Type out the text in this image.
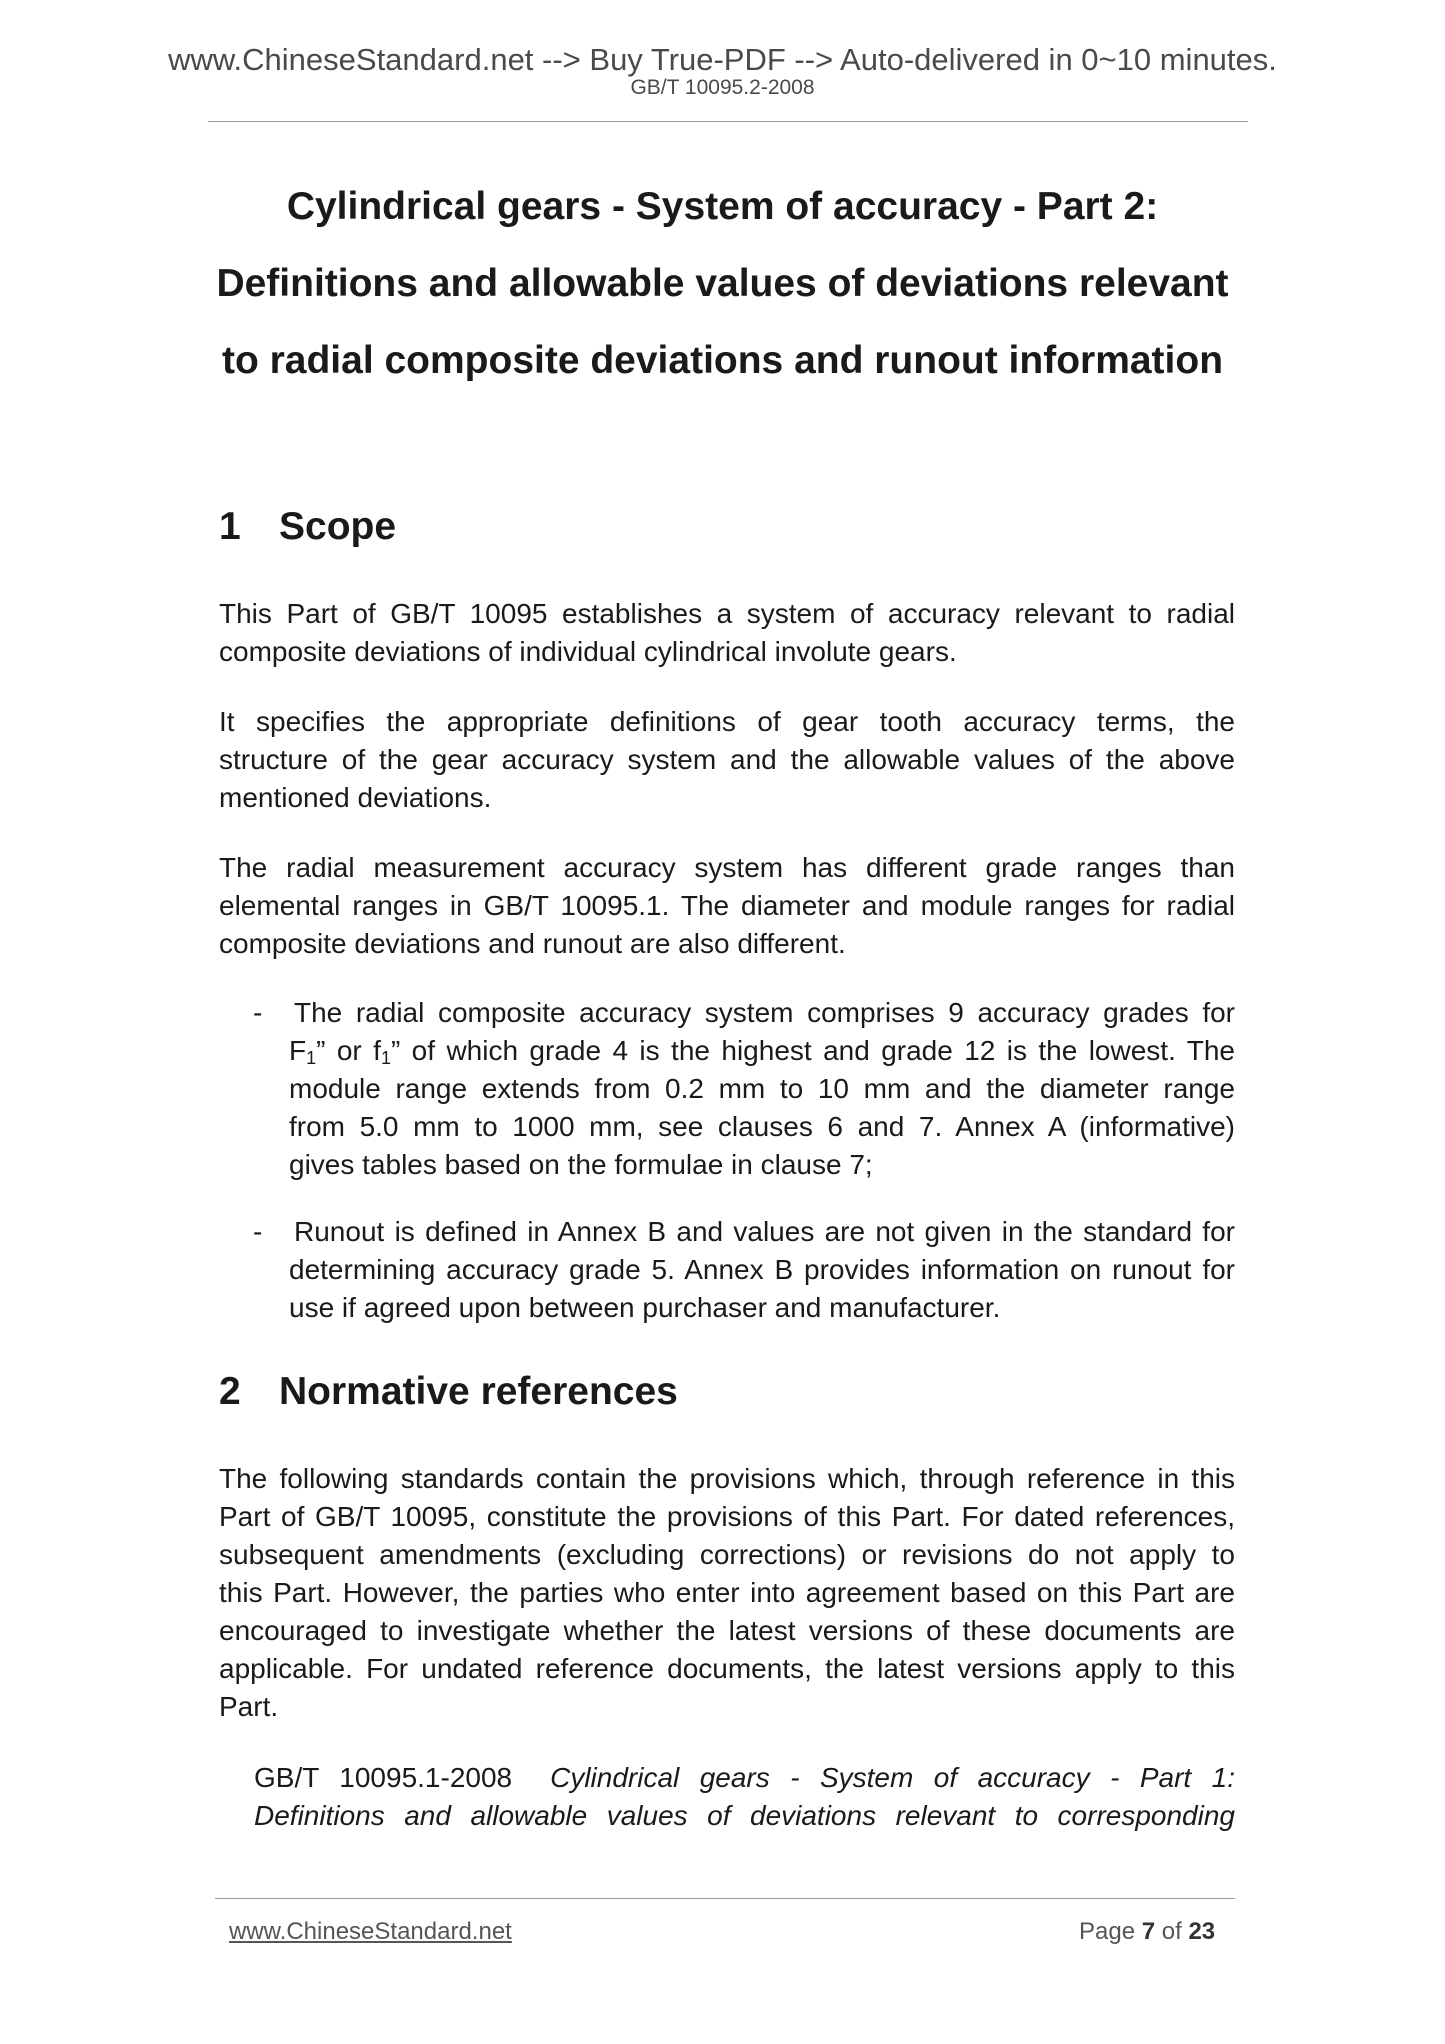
www.ChineseStandard.net --> Buy True-PDF --> Auto-delivered in 0~10 minutes.
GB/T 10095.2-2008
Cylindrical gears - System of accuracy - Part 2:
Definitions and allowable values of deviations relevant
to radial composite deviations and runout information
1 Scope
This Part of GB/T 10095 establishes a system of accuracy relevant to radial
composite deviations of individual cylindrical involute gears.
It specifies the appropriate definitions of gear tooth accuracy terms, the
structure of the gear accuracy system and the allowable values of the above
mentioned deviations.
The radial measurement accuracy system has different grade ranges than
elemental ranges in GB/T 10095.1. The diameter and module ranges for radial
composite deviations and runout are also different.
-	The radial composite accuracy system comprises 9 accuracy grades for
$F_1$” or $f_1$” of which grade 4 is the highest and grade 12 is the lowest. The
module range extends from 0.2 mm to 10 mm and the diameter range
from 5.0 mm to 1000 mm, see clauses 6 and 7. Annex A (informative)
gives tables based on the formulae in clause 7;
-	Runout is defined in Annex B and values are not given in the standard for
determining accuracy grade 5. Annex B provides information on runout for
use if agreed upon between purchaser and manufacturer.
2 Normative references
The following standards contain the provisions which, through reference in this
Part of GB/T 10095, constitute the provisions of this Part. For dated references,
subsequent amendments (excluding corrections) or revisions do not apply to
this Part. However, the parties who enter into agreement based on this Part are
encouraged to investigate whether the latest versions of these documents are
applicable. For undated reference documents, the latest versions apply to this
Part.
GB/T 10095.1-2008 Cylindrical gears - System of accuracy - Part 1:
Definitions and allowable values of deviations relevant to corresponding
www.ChineseStandard.net	Page 7 of 23
